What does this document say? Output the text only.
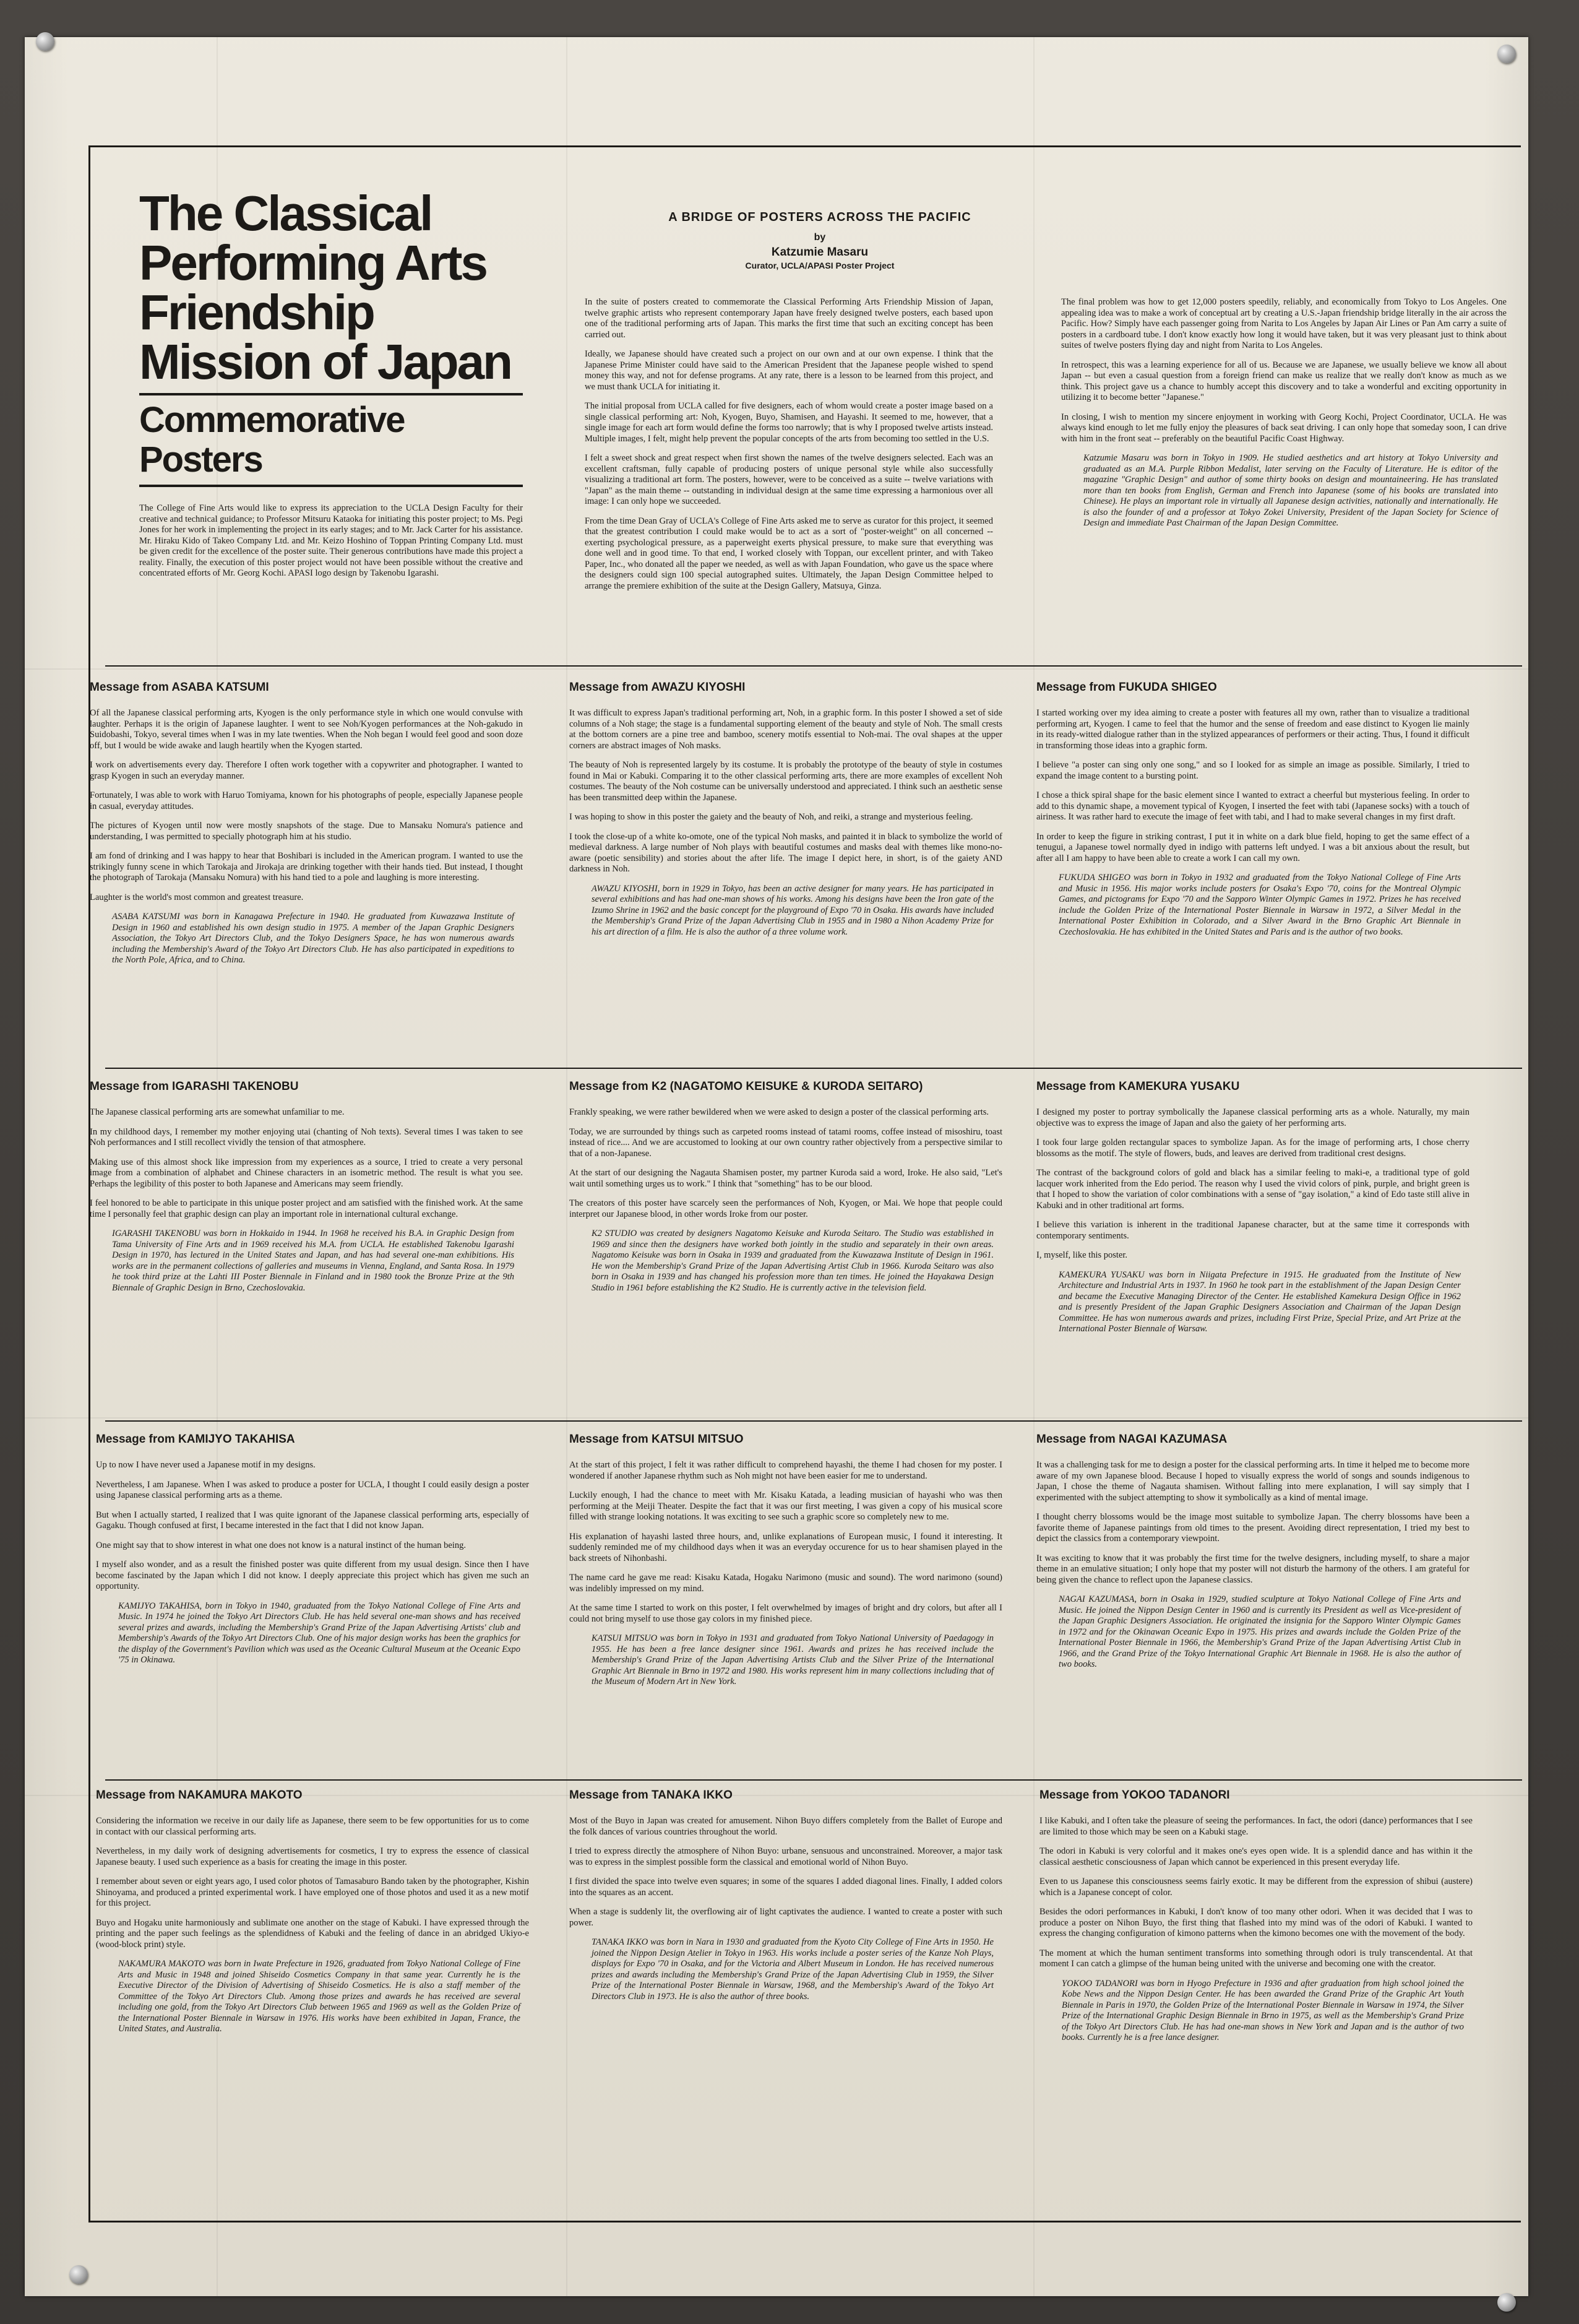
The Classical Performing Arts Friendship Mission of Japan
Commemorative Posters

The College of Fine Arts would like to express its appreciation to the UCLA Design Faculty for their creative and technical guidance; to Professor Mitsuru Kataoka for initiating this poster project; to Ms. Pegi Jones for her work in implementing the project in its early stages; and to Mr. Jack Carter for his assistance. Mr. Hiraku Kido of Takeo Company Ltd. and Mr. Keizo Hoshino of Toppan Printing Company Ltd. must be given credit for the excellence of the poster suite. Their generous contributions have made this project a reality. Finally, the execution of this poster project would not have been possible without the creative and concentrated efforts of Mr. Georg Kochi. APASI logo design by Takenobu Igarashi.

A BRIDGE OF POSTERS ACROSS THE PACIFIC

by

Katzumie Masaru

Curator, UCLA/APASI Poster Project

In the suite of posters created to commemorate the Classical Performing Arts Friendship Mission of Japan, twelve graphic artists who represent contemporary Japan have freely designed twelve posters, each based upon one of the traditional performing arts of Japan. This marks the first time that such an exciting concept has been carried out.

Ideally, we Japanese should have created such a project on our own and at our own expense. I think that the Japanese Prime Minister could have said to the American President that the Japanese people wished to spend money this way, and not for defense programs. At any rate, there is a lesson to be learned from this project, and we must thank UCLA for initiating it.

The initial proposal from UCLA called for five designers, each of whom would create a poster image based on a single classical performing art: Noh, Kyogen, Buyo, Shamisen, and Hayashi. It seemed to me, however, that a single image for each art form would define the forms too narrowly; that is why I proposed twelve artists instead. Multiple images, I felt, might help prevent the popular concepts of the arts from becoming too settled in the U.S.

I felt a sweet shock and great respect when first shown the names of the twelve designers selected. Each was an excellent craftsman, fully capable of producing posters of unique personal style while also successfully visualizing a traditional art form. The posters, however, were to be conceived as a suite -- twelve variations with "Japan" as the main theme -- outstanding in individual design at the same time expressing a harmonious over all image: I can only hope we succeeded.

From the time Dean Gray of UCLA's College of Fine Arts asked me to serve as curator for this project, it seemed that the greatest contribution I could make would be to act as a sort of "poster-weight" on all concerned -- exerting psychological pressure, as a paperweight exerts physical pressure, to make sure that everything was done well and in good time. To that end, I worked closely with Toppan, our excellent printer, and with Takeo Paper, Inc., who donated all the paper we needed, as well as with Japan Foundation, who gave us the space where the designers could sign 100 special autographed suites. Ultimately, the Japan Design Committee helped to arrange the premiere exhibition of the suite at the Design Gallery, Matsuya, Ginza.

The final problem was how to get 12,000 posters speedily, reliably, and economically from Tokyo to Los Angeles. One appealing idea was to make a work of conceptual art by creating a U.S.-Japan friendship bridge literally in the air across the Pacific. How? Simply have each passenger going from Narita to Los Angeles by Japan Air Lines or Pan Am carry a suite of posters in a cardboard tube. I don't know exactly how long it would have taken, but it was very pleasant just to think about suites of twelve posters flying day and night from Narita to Los Angeles.

In retrospect, this was a learning experience for all of us. Because we are Japanese, we usually believe we know all about Japan -- but even a casual question from a foreign friend can make us realize that we really don't know as much as we think. This project gave us a chance to humbly accept this discovery and to take a wonderful and exciting opportunity in utilizing it to become better "Japanese."

In closing, I wish to mention my sincere enjoyment in working with Georg Kochi, Project Coordinator, UCLA. He was always kind enough to let me fully enjoy the pleasures of back seat driving. I can only hope that someday soon, I can drive with him in the front seat -- preferably on the beautiful Pacific Coast Highway.

Katzumie Masaru was born in Tokyo in 1909. He studied aesthetics and art history at Tokyo University and graduated as an M.A. Purple Ribbon Medalist, later serving on the Faculty of Literature. He is editor of the magazine "Graphic Design" and author of some thirty books on design and mountaineering. He has translated more than ten books from English, German and French into Japanese (some of his books are translated into Chinese). He plays an important role in virtually all Japanese design activities, nationally and internationally. He is also the founder of and a professor at Tokyo Zokei University, President of the Japan Society for Science of Design and immediate Past Chairman of the Japan Design Committee.

Message from ASABA KATSUMI

Of all the Japanese classical performing arts, Kyogen is the only performance style in which one would convulse with laughter. Perhaps it is the origin of Japanese laughter. I went to see Noh/Kyogen performances at the Noh-gakudo in Suidobashi, Tokyo, several times when I was in my late twenties. When the Noh began I would feel good and soon doze off, but I would be wide awake and laugh heartily when the Kyogen started.

I work on advertisements every day. Therefore I often work together with a copywriter and photographer. I wanted to grasp Kyogen in such an everyday manner.

Fortunately, I was able to work with Haruo Tomiyama, known for his photographs of people, especially Japanese people in casual, everyday attitudes.

The pictures of Kyogen until now were mostly snapshots of the stage. Due to Mansaku Nomura's patience and understanding, I was permitted to specially photograph him at his studio.

I am fond of drinking and I was happy to hear that Boshibari is included in the American program. I wanted to use the strikingly funny scene in which Tarokaja and Jirokaja are drinking together with their hands tied. But instead, I thought the photograph of Tarokaja (Mansaku Nomura) with his hand tied to a pole and laughing is more interesting.

Laughter is the world's most common and greatest treasure.

ASABA KATSUMI was born in Kanagawa Prefecture in 1940. He graduated from Kuwazawa Institute of Design in 1960 and established his own design studio in 1975. A member of the Japan Graphic Designers Association, the Tokyo Art Directors Club, and the Tokyo Designers Space, he has won numerous awards including the Membership's Award of the Tokyo Art Directors Club. He has also participated in expeditions to the North Pole, Africa, and to China.

Message from AWAZU KIYOSHI

It was difficult to express Japan's traditional performing art, Noh, in a graphic form. In this poster I showed a set of side columns of a Noh stage; the stage is a fundamental supporting element of the beauty and style of Noh. The small crests at the bottom corners are a pine tree and bamboo, scenery motifs essential to Noh-mai. The oval shapes at the upper corners are abstract images of Noh masks.

The beauty of Noh is represented largely by its costume. It is probably the prototype of the beauty of style in costumes found in Mai or Kabuki. Comparing it to the other classical performing arts, there are more examples of excellent Noh costumes. The beauty of the Noh costume can be universally understood and appreciated. I think such an aesthetic sense has been transmitted deep within the Japanese.

I was hoping to show in this poster the gaiety and the beauty of Noh, and reiki, a strange and mysterious feeling.

I took the close-up of a white ko-omote, one of the typical Noh masks, and painted it in black to symbolize the world of medieval darkness. A large number of Noh plays with beautiful costumes and masks deal with themes like mono-no-aware (poetic sensibility) and stories about the after life. The image I depict here, in short, is of the gaiety AND darkness in Noh.

AWAZU KIYOSHI, born in 1929 in Tokyo, has been an active designer for many years. He has participated in several exhibitions and has had one-man shows of his works. Among his designs have been the Iron gate of the Izumo Shrine in 1962 and the basic concept for the playground of Expo '70 in Osaka. His awards have included the Membership's Grand Prize of the Japan Advertising Club in 1955 and in 1980 a Nihon Academy Prize for his art direction of a film. He is also the author of a three volume work.

Message from FUKUDA SHIGEO

I started working over my idea aiming to create a poster with features all my own, rather than to visualize a traditional performing art, Kyogen. I came to feel that the humor and the sense of freedom and ease distinct to Kyogen lie mainly in its ready-witted dialogue rather than in the stylized appearances of performers or their acting. Thus, I found it difficult in transforming those ideas into a graphic form.

I believe "a poster can sing only one song," and so I looked for as simple an image as possible. Similarly, I tried to expand the image content to a bursting point.

I chose a thick spiral shape for the basic element since I wanted to extract a cheerful but mysterious feeling. In order to add to this dynamic shape, a movement typical of Kyogen, I inserted the feet with tabi (Japanese socks) with a touch of airiness. It was rather hard to execute the image of feet with tabi, and I had to make several changes in my first draft.

In order to keep the figure in striking contrast, I put it in white on a dark blue field, hoping to get the same effect of a tenugui, a Japanese towel normally dyed in indigo with patterns left undyed. I was a bit anxious about the result, but after all I am happy to have been able to create a work I can call my own.

FUKUDA SHIGEO was born in Tokyo in 1932 and graduated from the Tokyo National College of Fine Arts and Music in 1956. His major works include posters for Osaka's Expo '70, coins for the Montreal Olympic Games, and pictograms for Expo '70 and the Sapporo Winter Olympic Games in 1972. Prizes he has received include the Golden Prize of the International Poster Biennale in Warsaw in 1972, a Silver Medal in the International Poster Exhibition in Colorado, and a Silver Award in the Brno Graphic Art Biennale in Czechoslovakia. He has exhibited in the United States and Paris and is the author of two books.

Message from IGARASHI TAKENOBU

The Japanese classical performing arts are somewhat unfamiliar to me.

In my childhood days, I remember my mother enjoying utai (chanting of Noh texts). Several times I was taken to see Noh performances and I still recollect vividly the tension of that atmosphere.

Making use of this almost shock like impression from my experiences as a source, I tried to create a very personal image from a combination of alphabet and Chinese characters in an isometric method. The result is what you see. Perhaps the legibility of this poster to both Japanese and Americans may seem friendly.

I feel honored to be able to participate in this unique poster project and am satisfied with the finished work. At the same time I personally feel that graphic design can play an important role in international cultural exchange.

IGARASHI TAKENOBU was born in Hokkaido in 1944. In 1968 he received his B.A. in Graphic Design from Tama University of Fine Arts and in 1969 received his M.A. from UCLA. He established Takenobu Igarashi Design in 1970, has lectured in the United States and Japan, and has had several one-man exhibitions. His works are in the permanent collections of galleries and museums in Vienna, England, and Santa Rosa. In 1979 he took third prize at the Lahti III Poster Biennale in Finland and in 1980 took the Bronze Prize at the 9th Biennale of Graphic Design in Brno, Czechoslovakia.

Message from K2 (NAGATOMO KEISUKE & KURODA SEITARO)

Frankly speaking, we were rather bewildered when we were asked to design a poster of the classical performing arts.

Today, we are surrounded by things such as carpeted rooms instead of tatami rooms, coffee instead of misoshiru, toast instead of rice.... And we are accustomed to looking at our own country rather objectively from a perspective similar to that of a non-Japanese.

At the start of our designing the Nagauta Shamisen poster, my partner Kuroda said a word, Iroke. He also said, "Let's wait until something urges us to work." I think that "something" has to be our blood.

The creators of this poster have scarcely seen the performances of Noh, Kyogen, or Mai. We hope that people could interpret our Japanese blood, in other words Iroke from our poster.

K2 STUDIO was created by designers Nagatomo Keisuke and Kuroda Seitaro. The Studio was established in 1969 and since then the designers have worked both jointly in the studio and separately in their own areas. Nagatomo Keisuke was born in Osaka in 1939 and graduated from the Kuwazawa Institute of Design in 1961. He won the Membership's Grand Prize of the Japan Advertising Artist Club in 1966. Kuroda Seitaro was also born in Osaka in 1939 and has changed his profession more than ten times. He joined the Hayakawa Design Studio in 1961 before establishing the K2 Studio. He is currently active in the television field.

Message from KAMEKURA YUSAKU

I designed my poster to portray symbolically the Japanese classical performing arts as a whole. Naturally, my main objective was to express the image of Japan and also the gaiety of her performing arts.

I took four large golden rectangular spaces to symbolize Japan. As for the image of performing arts, I chose cherry blossoms as the motif. The style of flowers, buds, and leaves are derived from traditional crest designs.

The contrast of the background colors of gold and black has a similar feeling to maki-e, a traditional type of gold lacquer work inherited from the Edo period. The reason why I used the vivid colors of pink, purple, and bright green is that I hoped to show the variation of color combinations with a sense of "gay isolation," a kind of Edo taste still alive in Kabuki and in other traditional art forms.

I believe this variation is inherent in the traditional Japanese character, but at the same time it corresponds with contemporary sentiments.

I, myself, like this poster.

KAMEKURA YUSAKU was born in Niigata Prefecture in 1915. He graduated from the Institute of New Architecture and Industrial Arts in 1937. In 1960 he took part in the establishment of the Japan Design Center and became the Executive Managing Director of the Center. He established Kamekura Design Office in 1962 and is presently President of the Japan Graphic Designers Association and Chairman of the Japan Design Committee. He has won numerous awards and prizes, including First Prize, Special Prize, and Art Prize at the International Poster Biennale of Warsaw.

Message from KAMIJYO TAKAHISA

Up to now I have never used a Japanese motif in my designs.

Nevertheless, I am Japanese. When I was asked to produce a poster for UCLA, I thought I could easily design a poster using Japanese classical performing arts as a theme.

But when I actually started, I realized that I was quite ignorant of the Japanese classical performing arts, especially of Gagaku. Though confused at first, I became interested in the fact that I did not know Japan.

One might say that to show interest in what one does not know is a natural instinct of the human being.

I myself also wonder, and as a result the finished poster was quite different from my usual design. Since then I have become fascinated by the Japan which I did not know. I deeply appreciate this project which has given me such an opportunity.

KAMIJYO TAKAHISA, born in Tokyo in 1940, graduated from the Tokyo National College of Fine Arts and Music. In 1974 he joined the Tokyo Art Directors Club. He has held several one-man shows and has received several prizes and awards, including the Membership's Grand Prize of the Japan Advertising Artists' club and Membership's Awards of the Tokyo Art Directors Club. One of his major design works has been the graphics for the display of the Government's Pavilion which was used as the Oceanic Cultural Museum at the Oceanic Expo '75 in Okinawa.

Message from KATSUI MITSUO

At the start of this project, I felt it was rather difficult to comprehend hayashi, the theme I had chosen for my poster. I wondered if another Japanese rhythm such as Noh might not have been easier for me to understand.

Luckily enough, I had the chance to meet with Mr. Kisaku Katada, a leading musician of hayashi who was then performing at the Meiji Theater. Despite the fact that it was our first meeting, I was given a copy of his musical score filled with strange looking notations. It was exciting to see such a graphic score so completely new to me.

His explanation of hayashi lasted three hours, and, unlike explanations of European music, I found it interesting. It suddenly reminded me of my childhood days when it was an everyday occurence for us to hear shamisen played in the back streets of Nihonbashi.

The name card he gave me read: Kisaku Katada, Hogaku Narimono (music and sound). The word narimono (sound) was indelibly impressed on my mind.

At the same time I started to work on this poster, I felt overwhelmed by images of bright and dry colors, but after all I could not bring myself to use those gay colors in my finished piece.

KATSUI MITSUO was born in Tokyo in 1931 and graduated from Tokyo National University of Paedagogy in 1955. He has been a free lance designer since 1961. Awards and prizes he has received include the Membership's Grand Prize of the Japan Advertising Artists Club and the Silver Prize of the International Graphic Art Biennale in Brno in 1972 and 1980. His works represent him in many collections including that of the Museum of Modern Art in New York.

Message from NAGAI KAZUMASA

It was a challenging task for me to design a poster for the classical performing arts. In time it helped me to become more aware of my own Japanese blood. Because I hoped to visually express the world of songs and sounds indigenous to Japan, I chose the theme of Nagauta shamisen. Without falling into mere explanation, I will say simply that I experimented with the subject attempting to show it symbolically as a kind of mental image.

I thought cherry blossoms would be the image most suitable to symbolize Japan. The cherry blossoms have been a favorite theme of Japanese paintings from old times to the present. Avoiding direct representation, I tried my best to depict the classics from a contemporary viewpoint.

It was exciting to know that it was probably the first time for the twelve designers, including myself, to share a major theme in an emulative situation; I only hope that my poster will not disturb the harmony of the others. I am grateful for being given the chance to reflect upon the Japanese classics.

NAGAI KAZUMASA, born in Osaka in 1929, studied sculpture at Tokyo National College of Fine Arts and Music. He joined the Nippon Design Center in 1960 and is currently its President as well as Vice-president of the Japan Graphic Designers Association. He originated the insignia for the Sapporo Winter Olympic Games in 1972 and for the Okinawan Oceanic Expo in 1975. His prizes and awards include the Golden Prize of the International Poster Biennale in 1966, the Membership's Grand Prize of the Japan Advertising Artist Club in 1966, and the Grand Prize of the Tokyo International Graphic Art Biennale in 1968. He is also the author of two books.

Message from NAKAMURA MAKOTO

Considering the information we receive in our daily life as Japanese, there seem to be few opportunities for us to come in contact with our classical performing arts.

Nevertheless, in my daily work of designing advertisements for cosmetics, I try to express the essence of classical Japanese beauty. I used such experience as a basis for creating the image in this poster.

I remember about seven or eight years ago, I used color photos of Tamasaburo Bando taken by the photographer, Kishin Shinoyama, and produced a printed experimental work. I have employed one of those photos and used it as a new motif for this project.

Buyo and Hogaku unite harmoniously and sublimate one another on the stage of Kabuki. I have expressed through the printing and the paper such feelings as the splendidness of Kabuki and the feeling of dance in an abridged Ukiyo-e (wood-block print) style.

NAKAMURA MAKOTO was born in Iwate Prefecture in 1926, graduated from Tokyo National College of Fine Arts and Music in 1948 and joined Shiseido Cosmetics Company in that same year. Currently he is the Executive Director of the Division of Advertising of Shiseido Cosmetics. He is also a staff member of the Committee of the Tokyo Art Directors Club. Among those prizes and awards he has received are several including one gold, from the Tokyo Art Directors Club between 1965 and 1969 as well as the Golden Prize of the International Poster Biennale in Warsaw in 1976. His works have been exhibited in Japan, France, the United States, and Australia.

Message from TANAKA IKKO

Most of the Buyo in Japan was created for amusement. Nihon Buyo differs completely from the Ballet of Europe and the folk dances of various countries throughout the world.

I tried to express directly the atmosphere of Nihon Buyo: urbane, sensuous and unconstrained. Moreover, a major task was to express in the simplest possible form the classical and emotional world of Nihon Buyo.

I first divided the space into twelve even squares; in some of the squares I added diagonal lines. Finally, I added colors into the squares as an accent.

When a stage is suddenly lit, the overflowing air of light captivates the audience. I wanted to create a poster with such power.

TANAKA IKKO was born in Nara in 1930 and graduated from the Kyoto City College of Fine Arts in 1950. He joined the Nippon Design Atelier in Tokyo in 1963. His works include a poster series of the Kanze Noh Plays, displays for Expo '70 in Osaka, and for the Victoria and Albert Museum in London. He has received numerous prizes and awards including the Membership's Grand Prize of the Japan Advertising Club in 1959, the Silver Prize of the International Poster Biennale in Warsaw, 1968, and the Membership's Award of the Tokyo Art Directors Club in 1973. He is also the author of three books.

Message from YOKOO TADANORI

I like Kabuki, and I often take the pleasure of seeing the performances. In fact, the odori (dance) performances that I see are limited to those which may be seen on a Kabuki stage.

The odori in Kabuki is very colorful and it makes one's eyes open wide. It is a splendid dance and has within it the classical aesthetic consciousness of Japan which cannot be experienced in this present everyday life.

Even to us Japanese this consciousness seems fairly exotic. It may be different from the expression of shibui (austere) which is a Japanese concept of color.

Besides the odori performances in Kabuki, I don't know of too many other odori. When it was decided that I was to produce a poster on Nihon Buyo, the first thing that flashed into my mind was of the odori of Kabuki. I wanted to express the changing configuration of kimono patterns when the kimono becomes one with the movement of the body.

The moment at which the human sentiment transforms into something through odori is truly transcendental. At that moment I can catch a glimpse of the human being united with the universe and becoming one with the creator.

YOKOO TADANORI was born in Hyogo Prefecture in 1936 and after graduation from high school joined the Kobe News and the Nippon Design Center. He has been awarded the Grand Prize of the Graphic Art Youth Biennale in Paris in 1970, the Golden Prize of the International Poster Biennale in Warsaw in 1974, the Silver Prize of the International Graphic Design Biennale in Brno in 1975, as well as the Membership's Grand Prize of the Tokyo Art Directors Club. He has had one-man shows in New York and Japan and is the author of two books. Currently he is a free lance designer.
